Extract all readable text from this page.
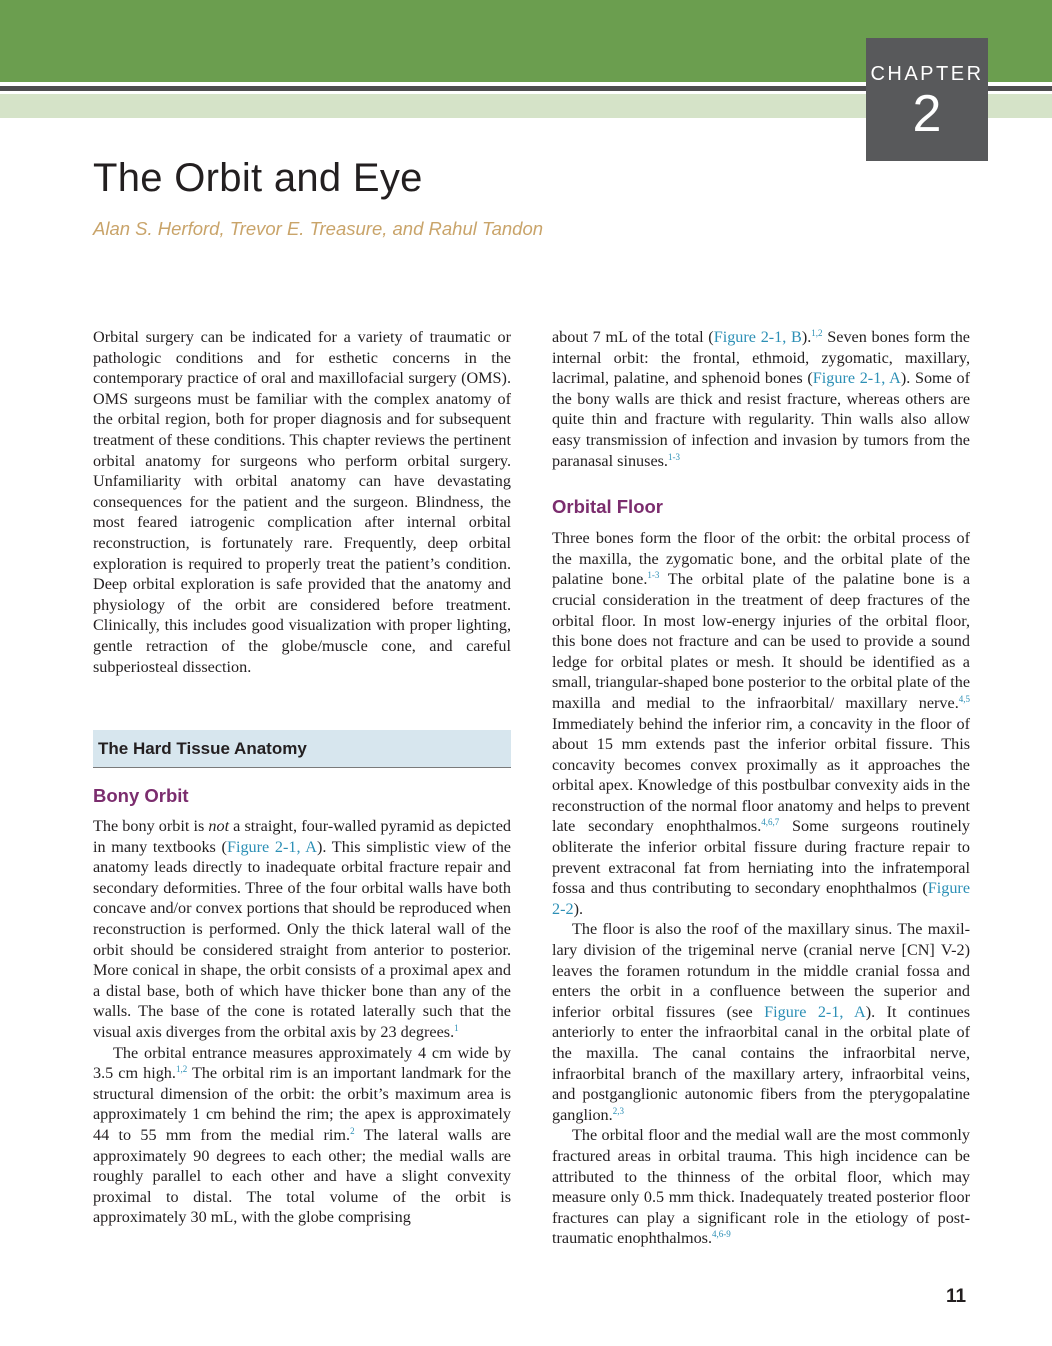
CHAPTER
2
The Orbit and Eye

Alan S. Herford, Trevor E. Treasure, and Rahul Tandon

Orbital surgery can be indicated for a variety of traumatic or pathologic conditions and for esthetic concerns in the contemporary practice of oral and maxillofacial surgery (OMS). OMS surgeons must be familiar with the complex anatomy of the orbital region, both for proper diagnosis and for subsequent treatment of these conditions. This chapter reviews the pertinent orbital anatomy for surgeons who perform orbital surgery. Unfamiliarity with orbital anatomy can have devastating consequences for the patient and the surgeon. Blindness, the most feared iatrogenic complication after internal orbital reconstruction, is fortunately rare. Frequently, deep orbital exploration is required to properly treat the patient’s condition. Deep orbital exploration is safe provided that the anatomy and physiology of the orbit are considered before treatment. Clinically, this includes good visualization with proper lighting, gentle retraction of the globe/muscle cone, and careful subperiosteal dissection.

The Hard Tissue Anatomy
Bony Orbit

The bony orbit is not a straight, four-walled pyramid as depicted in many textbooks (Figure 2-1, A). This simplistic view of the anatomy leads directly to inadequate orbital fracture repair and secondary deformities. Three of the four orbital walls have both concave and/or convex portions that should be reproduced when reconstruction is performed. Only the thick lateral wall of the orbit should be considered straight from anterior to posterior. More conical in shape, the orbit consists of a proximal apex and a distal base, both of which have thicker bone than any of the walls. The base of the cone is rotated laterally such that the visual axis diverges from the orbital axis by 23 degrees.$^1$

The orbital entrance measures approximately 4 cm wide by 3.5 cm high.$^{1,2}$ The orbital rim is an important landmark for the structural dimension of the orbit: the orbit’s maximum area is approximately 1 cm behind the rim; the apex is approximately 44 to 55 mm from the medial rim.$^2$ The lateral walls are approximately 90 degrees to each other; the medial walls are roughly parallel to each other and have a slight convexity proximal to distal. The total volume of the orbit is approximately 30 mL, with the globe comprising

about 7 mL of the total (Figure 2-1, B).$^{1,2}$ Seven bones form the internal orbit: the frontal, ethmoid, zygomatic, maxillary, lacrimal, palatine, and sphenoid bones (Figure 2-1, A). Some of the bony walls are thick and resist fracture, whereas others are quite thin and fracture with regularity. Thin walls also allow easy transmission of infection and invasion by tumors from the paranasal sinuses.$^{1-3}$

Orbital Floor

Three bones form the floor of the orbit: the orbital process of the maxilla, the zygomatic bone, and the orbital plate of the palatine bone.$^{1-3}$ The orbital plate of the palatine bone is a crucial consideration in the treatment of deep fractures of the orbital floor. In most low-energy injuries of the orbital floor, this bone does not fracture and can be used to provide a sound ledge for orbital plates or mesh. It should be identified as a small, triangular-shaped bone posterior to the orbital plate of the maxilla and medial to the infraorbital/ maxillary nerve.$^{4,5}$ Immediately behind the inferior rim, a concavity in the floor of about 15 mm extends past the inferior orbital fissure. This concavity becomes convex proximally as it approaches the orbital apex. Knowledge of this postbulbar convexity aids in the reconstruction of the normal floor anatomy and helps to prevent late secondary enophthalmos.$^{4,6,7}$ Some surgeons routinely obliterate the inferior orbital fissure during fracture repair to prevent extraconal fat from herniating into the infratemporal fossa and thus contributing to secondary enophthalmos (Figure 2-2).

The floor is also the roof of the maxillary sinus. The maxillary division of the trigeminal nerve (cranial nerve [CN] V-2) leaves the foramen rotundum in the middle cranial fossa and enters the orbit in a confluence between the superior and inferior orbital fissures (see Figure 2-1, A). It continues anteriorly to enter the infraorbital canal in the orbital plate of the maxilla. The canal contains the infraorbital nerve, infraorbital branch of the maxillary artery, infraorbital veins, and postganglionic autonomic fibers from the pterygopalatine ganglion.$^{2,3}$

The orbital floor and the medial wall are the most commonly fractured areas in orbital trauma. This high incidence can be attributed to the thinness of the orbital floor, which may measure only 0.5 mm thick. Inadequately treated posterior floor fractures can play a significant role in the etiology of post-traumatic enophthalmos.$^{4,6-9}$

11
